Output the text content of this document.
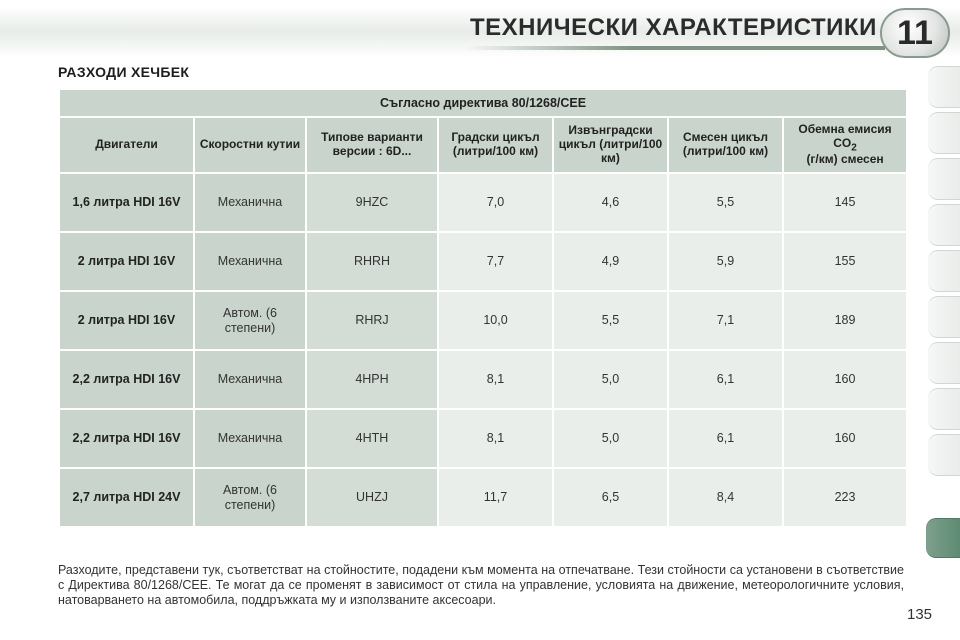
ТЕХНИЧЕСКИ ХАРАКТЕРИСТИКИ 11
РАЗХОДИ ХЕЧБЕК
Съгласно директива 80/1268/CEE						
Двигатели	Скоростни кутии	Типове варианти версии : 6D...	Градски цикъл (литри/100 км)	Извънградски цикъл (литри/100 км)	Смесен цикъл (литри/100 км)	Обемна емисия $CO_2$
(г/км) смесен
1,6 литра HDI 16V	Механична	9HZC	7,0	4,6	5,5	145
2 литра HDI 16V	Механична	RHRH	7,7	4,9	5,9	155
2 литра HDI 16V	Автом. (6 степени)	RHRJ	10,0	5,5	7,1	189
2,2 литра HDI 16V	Механична	4HPH	8,1	5,0	6,1	160
2,2 литра HDI 16V	Механична	4HTH	8,1	5,0	6,1	160
2,7 литра HDI 24V	Автом. (6 степени)	UHZJ	11,7	6,5	8,4	223

Разходите, представени тук, съответстват на стойностите, подадени към момента на отпечатване. Тези стойности са установени в съответствие с Директива 80/1268/CEE. Те могат да се променят в зависимост от стила на управление, условията на движение, метеорологичните условия, натоварването на автомобила, поддръжката му и използваните аксесоари.

135
